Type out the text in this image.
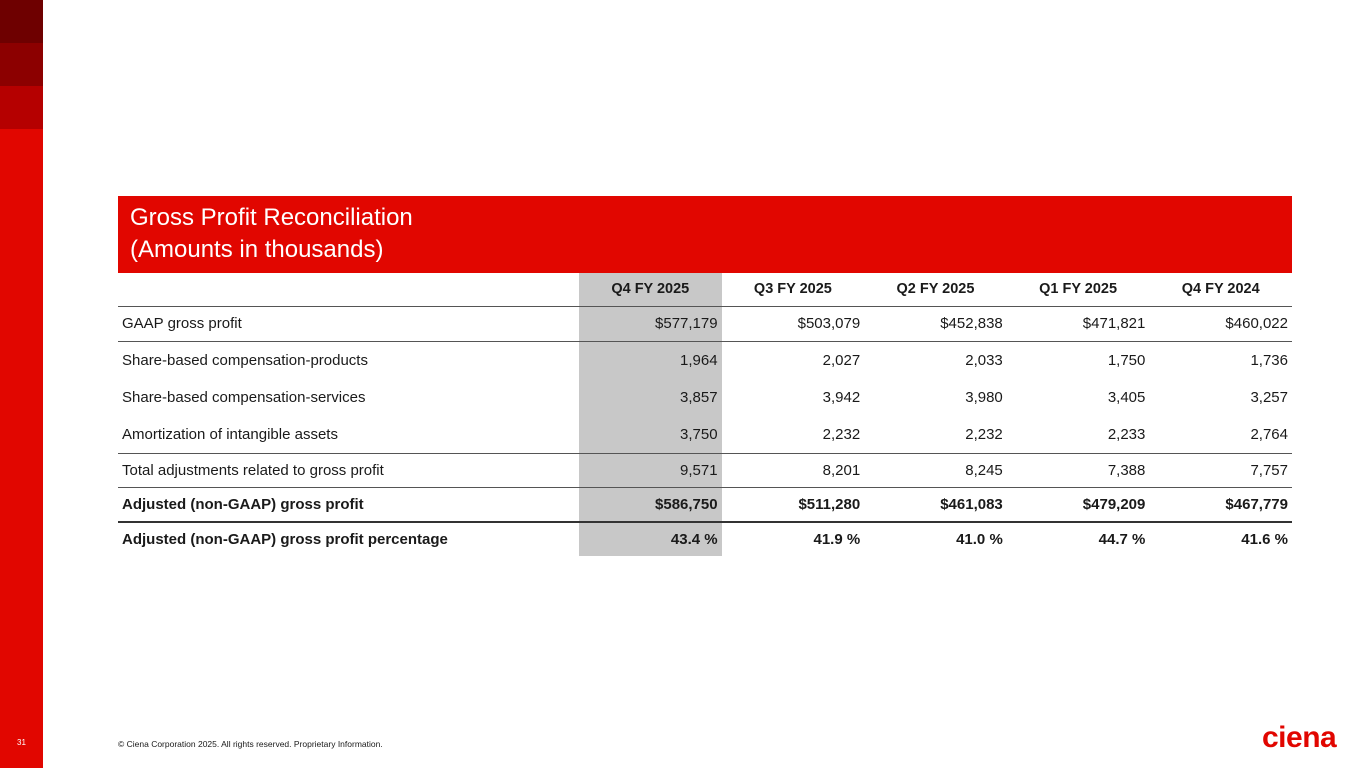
31
Gross Profit Reconciliation
(Amounts in thousands)
	Q4 FY 2025	Q3 FY 2025	Q2 FY 2025	Q1 FY 2025	Q4 FY 2024
GAAP gross profit	$577,179	$503,079	$452,838	$471,821	$460,022
Share-based compensation-products	1,964	2,027	2,033	1,750	1,736
Share-based compensation-services	3,857	3,942	3,980	3,405	3,257
Amortization of intangible assets	3,750	2,232	2,232	2,233	2,764
Total adjustments related to gross profit	9,571	8,201	8,245	7,388	7,757
Adjusted (non-GAAP) gross profit	$586,750	$511,280	$461,083	$479,209	$467,779
Adjusted (non-GAAP) gross profit percentage	43.4 %	41.9 %	41.0 %	44.7 %	41.6 %
© Ciena Corporation 2025. All rights reserved. Proprietary Information.	ciena
